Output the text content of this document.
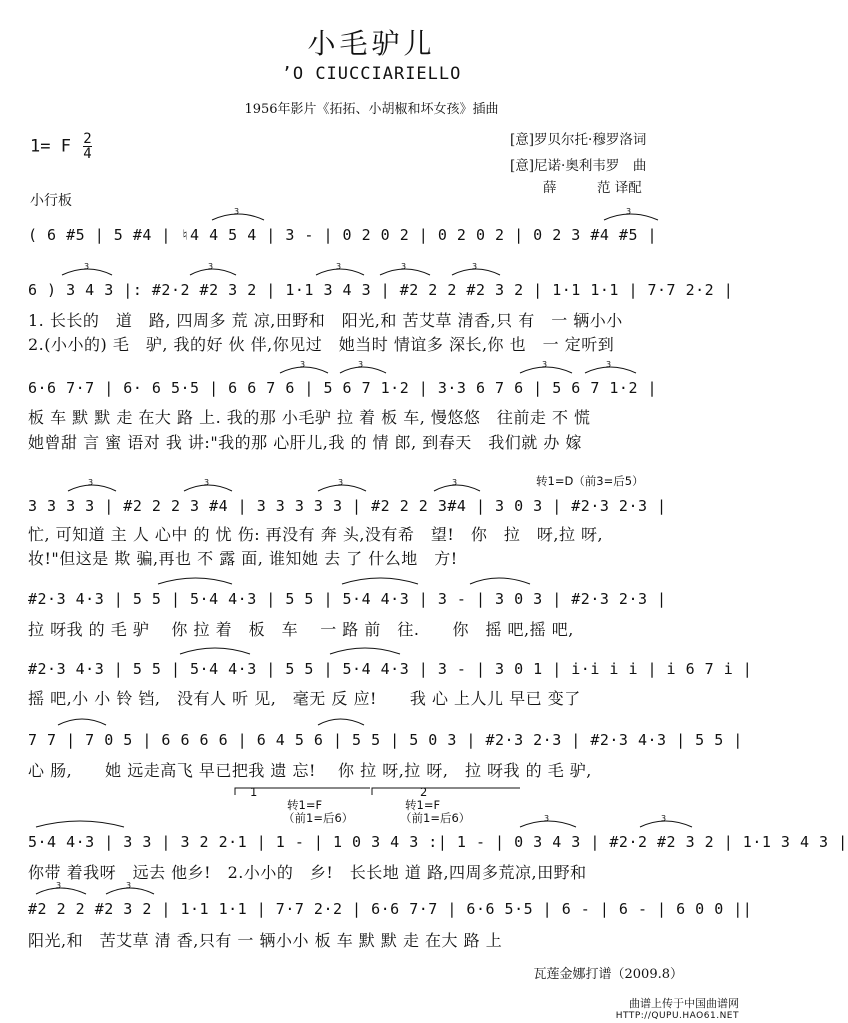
小毛驴儿
’O CIUCCIARIELLO
1956年影片《拓拓、小胡椒和坏女孩》插曲
1= F $\frac{2}{4}$	[意]罗贝尔托·穆罗洛词
[意]尼诺·奥利韦罗　曲
薛　　　范 译配
小行板
( 6 #5 | 5 #4 | ♮4 4 5 4 | 3 - | 0 2 0 2 | 0 2 0 2 | 0 2 3 #4 #5 |
6 ) 3 4 3 |: #2·2 #2 3 2 | 1·1 3 4 3 | #2 2 2 #2 3 2 | 1·1 1·1 | 7·7 2·2 |
1. 长长的　道　路, 四周多 荒 凉,田野和　阳光,和 苦艾草 清香,只 有　一 辆小小
2.(小小的) 毛　驴, 我的好 伙 伴,你见过　她当时 情谊多 深长,你 也　一 定听到
6·6 7·7 | 6· 6 5·5 | 6 6 7 6 | 5 6 7 1·2 | 3·3 6 7 6 | 5 6 7 1·2 |
板 车 默 默 走 在大 路 上. 我的那 小毛驴 拉 着 板 车, 慢悠悠　往前走 不 慌
她曾甜 言 蜜 语对 我 讲:"我的那 心肝儿,我 的 情 郎, 到春天　我们就 办 嫁
转1=D（前3=后5）
3 3 3 3 | #2 2 2 3 #4 | 3 3 3 3 3 | #2 2 2 3#4 | 3 0 3 | #2·3 2·3 |
忙, 可知道 主 人 心中 的 忧 伤: 再没有 奔 头,没有希　望!　你　拉　呀,拉 呀,
妆!"但这是 欺 骗,再也 不 露 面, 谁知她 去 了 什么地　方!
#2·3 4·3 | 5 5 | 5·4 4·3 | 5 5 | 5·4 4·3 | 3 - | 3 0 3 | #2·3 2·3 |
拉 呀我 的 毛 驴　 你 拉 着　板　车　 一 路 前　往.　　你　摇 吧,摇 吧,
#2·3 4·3 | 5 5 | 5·4 4·3 | 5 5 | 5·4 4·3 | 3 - | 3 0 1 | i·i i i | i 6 7 i |
摇 吧,小 小 铃 铛,　没有人 听 见,　毫无 反 应!　　我 心 上人儿 早已 变了
7 7 | 7 0 5 | 6 6 6 6 | 6 4 5 6 | 5 5 | 5 0 3 | #2·3 2·3 | #2·3 4·3 | 5 5 |
心 肠,　　她 远走高飞 早已把我 遗 忘!　 你 拉 呀,拉 呀,　拉 呀我 的 毛 驴,
1
转1=F
（前1=后6）
2
转1=F
（前1=后6）
5·4 4·3 | 3 3 | 3 2 2·1 | 1 - | 1 0 3 4 3 :| 1 - | 0 3 4 3 | #2·2 #2 3 2 | 1·1 3 4 3 |
你带 着我呀　远去 他乡!　2.小小的　乡!　长长地 道 路,四周多荒凉,田野和
#2 2 2 #2 3 2 | 1·1 1·1 | 7·7 2·2 | 6·6 7·7 | 6·6 5·5 | 6 - | 6 - | 6 0 0 ||
阳光,和　苦艾草 清 香,只有 一 辆小小 板 车 默 默 走 在大 路 上
瓦莲金娜打谱（2009.8）
曲谱上传于中国曲谱网
HTTP://QUPU.HAO61.NET
3	3
3	3	3	3	3
3	3	3	3
3	3	3	3
3	3
3	3
